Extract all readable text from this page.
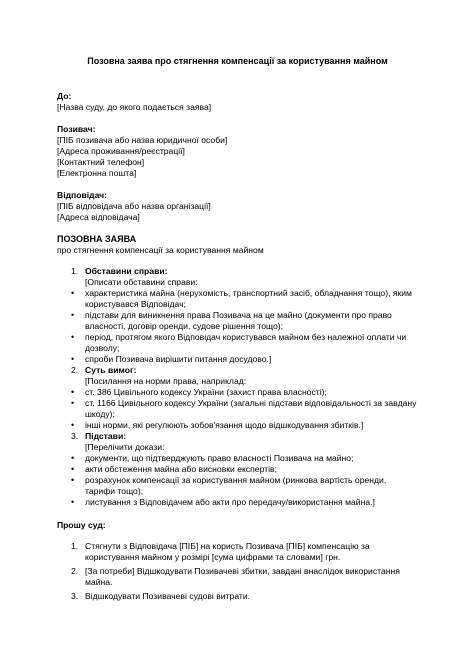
Позовна заява про стягнення компенсації за користування майном
До:
[Назва суду, до якого подається заява]
Позивач:
[ПІБ позивача або назва юридичної особи]
[Адреса проживання/реєстрації]
[Контактний телефон]
[Електронна пошта]
Відповідач:
[ПІБ відповідача або назва організації]
[Адреса відповідача]
ПОЗОВНА ЗАЯВА
про стягнення компенсації за користування майном
Обставини справи:
[Описати обставини справи:
• характеристика майна (нерухомість, транспортний засіб, обладнання тощо), яким користувався Відповідач;
• підстави для виникнення права Позивача на це майно (документи про право власності, договір оренди, судове рішення тощо);
• період, протягом якого Відповідач користувався майном без належної оплати чи дозволу;
• спроби Позивача вирішити питання досудово.]
Суть вимог:
[Посилання на норми права, наприклад:
• ст. 386 Цивільного кодексу України (захист права власності);
• ст. 1166 Цивільного кодексу України (загальні підстави відповідальності за завдану шкоду);
• інші норми, які регулюють зобов'язання щодо відшкодування збитків.]
Підстави:
[Перелічити докази:
• документи, що підтверджують право власності Позивача на майно;
• акти обстеження майна або висновки експертів;
• розрахунок компенсації за користування майном (ринкова вартість оренди, тарифи тощо);
• листування з Відповідачем або акти про передачу/використання майна.]
Прошу суд:
Стягнути з Відповідача [ПІБ] на користь Позивача [ПІБ] компенсацію за користування майном у розмірі [сума цифрами та словами] грн.
[За потреби] Відшкодувати Позивачеві збитки, завдані внаслідок використання майна.
Відшкодувати Позивачеві судові витрати.
